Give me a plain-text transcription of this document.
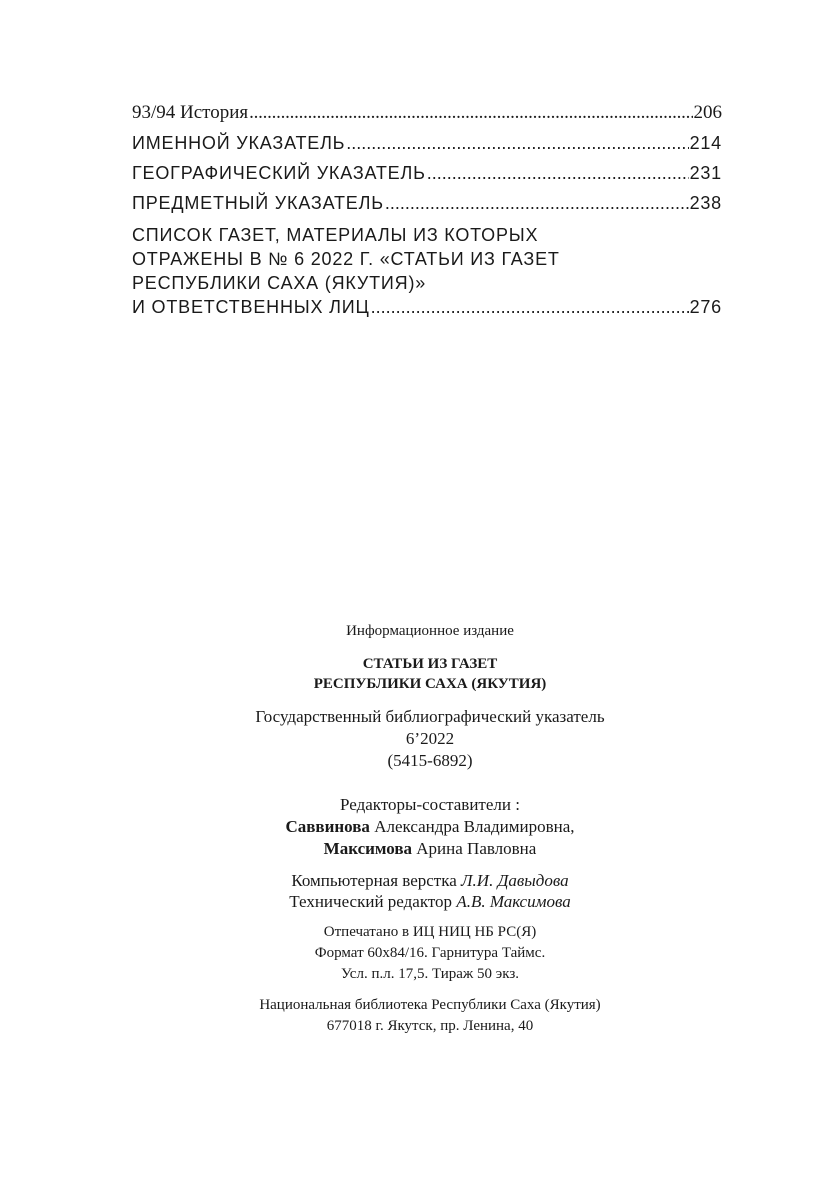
93/94 История . . .	206
ИМЕННОЙ УКАЗАТЕЛЬ . . .	214
ГЕОГРАФИЧЕСКИЙ УКАЗАТЕЛЬ . . .	231
ПРЕДМЕТНЫЙ УКАЗАТЕЛЬ . . .	238
СПИСОК ГАЗЕТ, МАТЕРИАЛЫ ИЗ КОТОРЫХ
ОТРАЖЕНЫ В № 6 2022 Г. «СТАТЬИ ИЗ ГАЗЕТ
РЕСПУБЛИКИ САХА (ЯКУТИЯ)»
И ОТВЕТСТВЕННЫХ ЛИЦ . . .	276
Информационное издание
СТАТЬИ ИЗ ГАЗЕТ
РЕСПУБЛИКИ САХА (ЯКУТИЯ)
Государственный библиографический указатель
6’2022
(5415-6892)
Редакторы-составители :
Саввинова Александра Владимировна,
Максимова Арина Павловна
Компьютерная верстка Л.И. Давыдова
Технический редактор А.В. Максимова
Отпечатано в ИЦ НИЦ НБ РС(Я)
Формат 60х84/16. Гарнитура Таймс.
Усл. п.л. 17,5. Тираж 50 экз.
Национальная библиотека Республики Саха (Якутия)
677018 г. Якутск, пр. Ленина, 40
